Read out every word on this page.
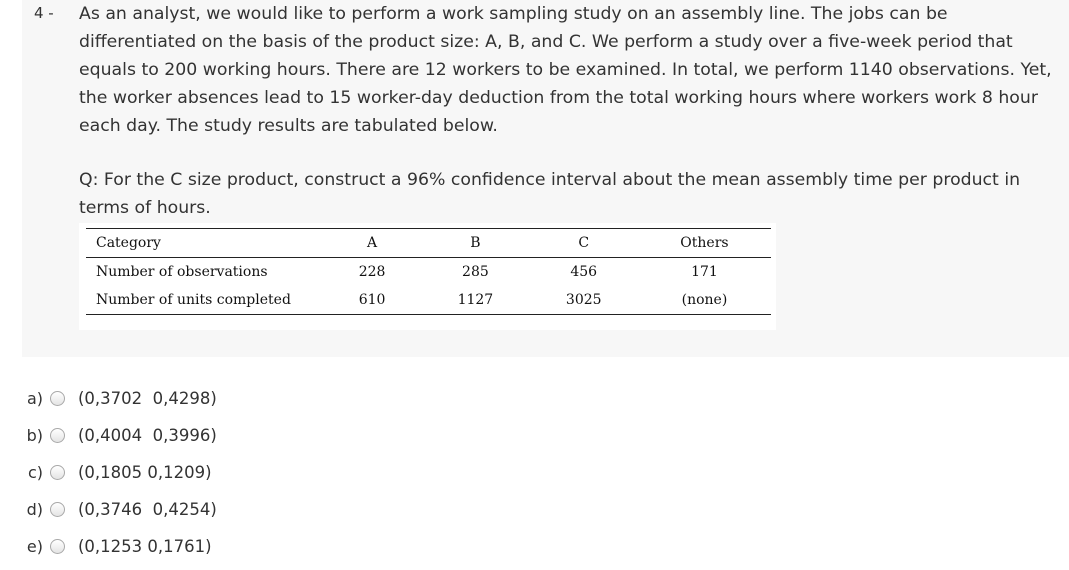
4 - As an analyst, we would like to perform a work sampling study on an assembly line. The jobs can be differentiated on the basis of the product size: A, B, and C. We perform a study over a five-week period that equals to 200 working hours. There are 12 workers to be examined. In total, we perform 1140 observations. Yet, the worker absences lead to 15 worker-day deduction from the total working hours where workers work 8 hour each day. The study results are tabulated below.
Q: For the C size product, construct a 96% confidence interval about the mean assembly time per product in terms of hours.
Category	A	B	C	Others
Number of observations	228	285	456	171
Number of units completed	610	1127	3025	(none)
a) (0,3702  0,4298)
b) (0,4004  0,3996)
c) (0,1805 0,1209)
d) (0,3746  0,4254)
e) (0,1253 0,1761)
